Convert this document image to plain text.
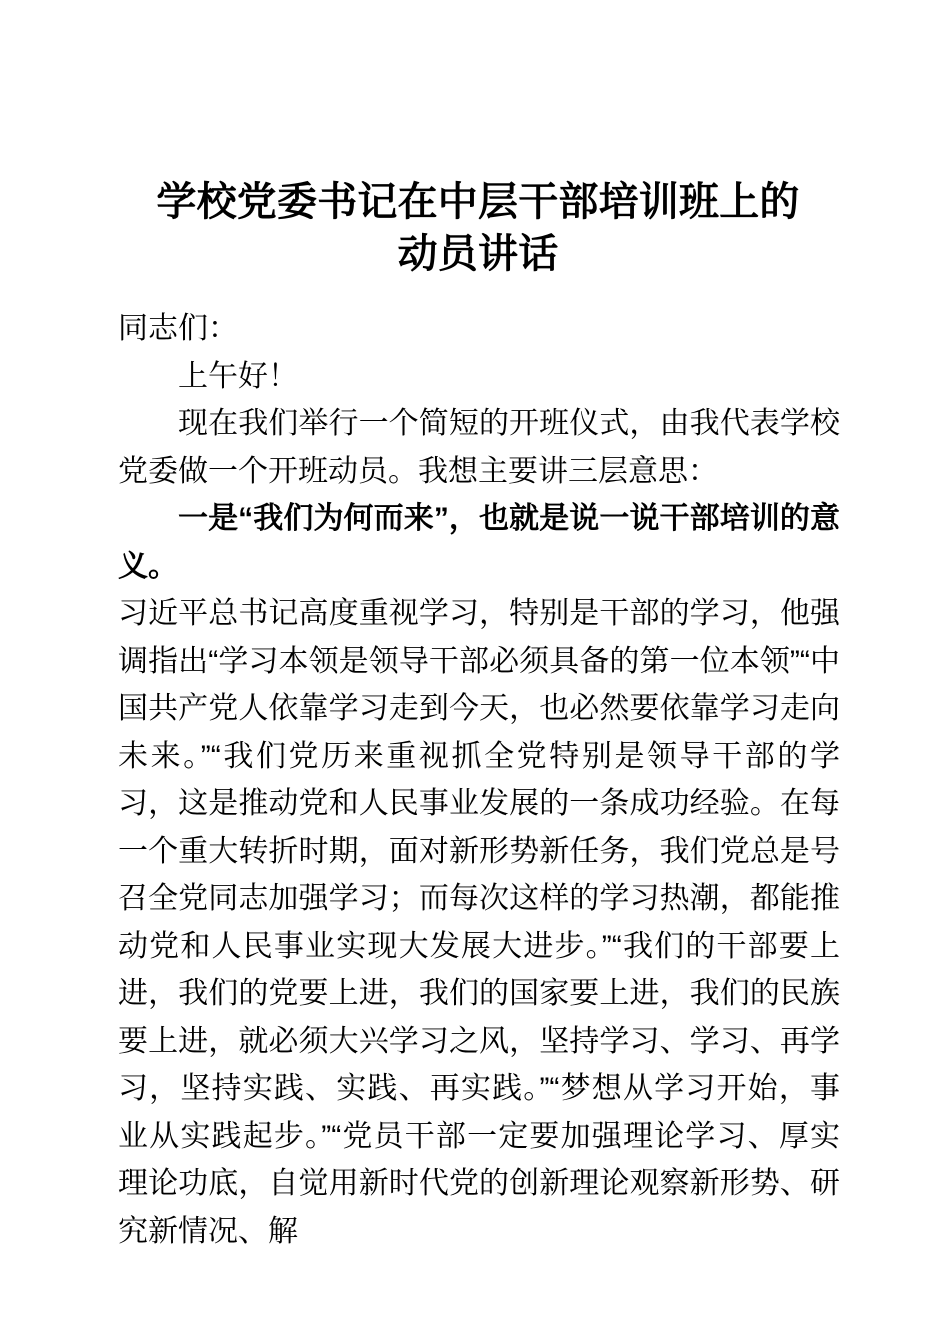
学校党委书记在中层干部培训班上的
动员讲话

同志们：

上午好！

现在我们举行一个简短的开班仪式，由我代表学校党委做一个开班动员。我想主要讲三层意思：

一是“我们为何而来”，也就是说一说干部培训的意义。

习近平总书记高度重视学习，特别是干部的学习，他强调指出“学习本领是领导干部必须具备的第一位本领”“中国共产党人依靠学习走到今天，也必然要依靠学习走向未来。”“我们党历来重视抓全党特别是领导干部的学习，这是推动党和人民事业发展的一条成功经验。在每一个重大转折时期，面对新形势新任务，我们党总是号召全党同志加强学习；而每次这样的学习热潮，都能推动党和人民事业实现大发展大进步。”“我们的干部要上进，我们的党要上进，我们的国家要上进，我们的民族要上进，就必须大兴学习之风，坚持学习、学习、再学习，坚持实践、实践、再实践。”“梦想从学习开始，事业从实践起步。”“党员干部一定要加强理论学习、厚实理论功底，自觉用新时代党的创新理论观察新形势、研究新情况、解
